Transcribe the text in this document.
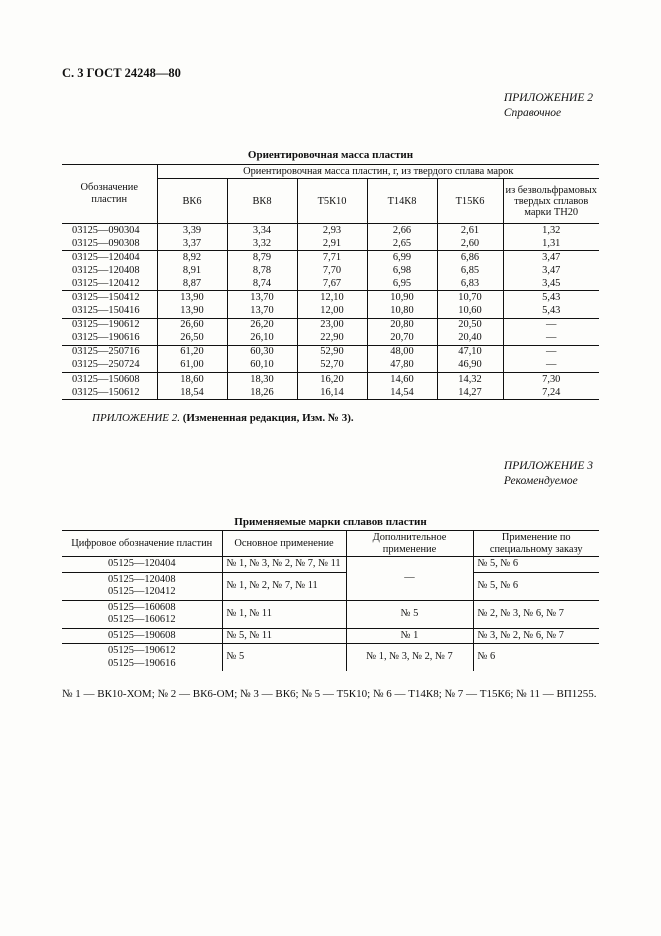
С. 3 ГОСТ 24248—80
ПРИЛОЖЕНИЕ 2
Справочное
Ориентировочная масса пластин
Обозначение пластин	Ориентировочная масса пластин, г, из твердого сплава марок					
	ВК6	ВК8	Т5К10	Т14К8	Т15К6	из безвольфрамовых твердых сплавов марки ТН20
03125—090304	3,39	3,34	2,93	2,66	2,61	1,32
03125—090308	3,37	3,32	2,91	2,65	2,60	1,31
03125—120404	8,92	8,79	7,71	6,99	6,86	3,47
03125—120408	8,91	8,78	7,70	6,98	6,85	3,47
03125—120412	8,87	8,74	7,67	6,95	6,83	3,45
03125—150412	13,90	13,70	12,10	10,90	10,70	5,43
03125—150416	13,90	13,70	12,00	10,80	10,60	5,43
03125—190612	26,60	26,20	23,00	20,80	20,50	—
03125—190616	26,50	26,10	22,90	20,70	20,40	—
03125—250716	61,20	60,30	52,90	48,00	47,10	—
03125—250724	61,00	60,10	52,70	47,80	46,90	—
03125—150608	18,60	18,30	16,20	14,60	14,32	7,30
03125—150612	18,54	18,26	16,14	14,54	14,27	7,24
ПРИЛОЖЕНИЕ 2. (Измененная редакция, Изм. № 3).
ПРИЛОЖЕНИЕ 3
Рекомендуемое
Применяемые марки сплавов пластин
Цифровое обозначение пластин	Основное применение	Дополнительное применение	Применение по специальному заказу

05125—120404	№ 1, № 3, № 2, № 7, № 11	—	№ 5, № 6

05125—120408
05125—120412	№ 1, № 2, № 7, № 11		№ 5, № 6

05125—160608
05125—160612	№ 1, № 11	№ 5	№ 2, № 3, № 6, № 7

05125—190608	№ 5, № 11	№ 1	№ 3, № 2, № 6, № 7

05125—190612
05125—190616	№ 5	№ 1, № 3, № 2, № 7	№ 6
№ 1 — ВК10-ХОМ; № 2 — ВК6-ОМ; № 3 — ВК6; № 5 — Т5К10; № 6 — Т14К8; № 7 — Т15К6; № 11 — ВП1255.
